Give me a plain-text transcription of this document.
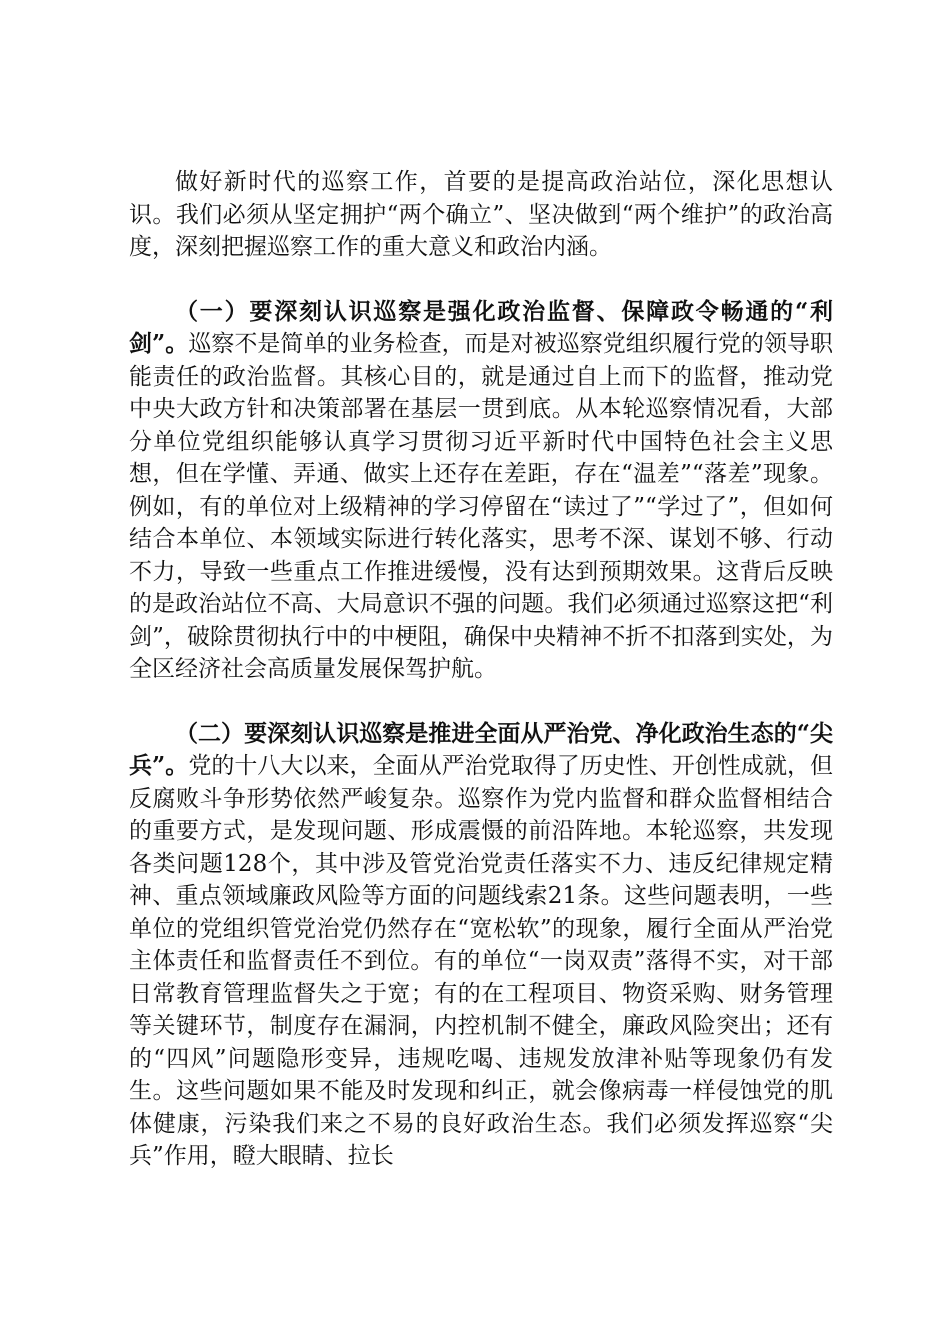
做好新时代的巡察工作，首要的是提高政治站位，深化思想认识。我们必须从坚定拥护“两个确立”、坚决做到“两个维护”的政治高度，深刻把握巡察工作的重大意义和政治内涵。

（一）要深刻认识巡察是强化政治监督、保障政令畅通的“利剑”。巡察不是简单的业务检查，而是对被巡察党组织履行党的领导职能责任的政治监督。其核心目的，就是通过自上而下的监督，推动党中央大政方针和决策部署在基层一贯到底。从本轮巡察情况看，大部分单位党组织能够认真学习贯彻习近平新时代中国特色社会主义思想，但在学懂、弄通、做实上还存在差距，存在“温差”“落差”现象。例如，有的单位对上级精神的学习停留在“读过了”“学过了”，但如何结合本单位、本领域实际进行转化落实，思考不深、谋划不够、行动不力，导致一些重点工作推进缓慢，没有达到预期效果。这背后反映的是政治站位不高、大局意识不强的问题。我们必须通过巡察这把“利剑”，破除贯彻执行中的中梗阻，确保中央精神不折不扣落到实处，为全区经济社会高质量发展保驾护航。

（二）要深刻认识巡察是推进全面从严治党、净化政治生态的“尖兵”。党的十八大以来，全面从严治党取得了历史性、开创性成就，但反腐败斗争形势依然严峻复杂。巡察作为党内监督和群众监督相结合的重要方式，是发现问题、形成震慑的前沿阵地。本轮巡察，共发现各类问题128个，其中涉及管党治党责任落实不力、违反纪律规定精神、重点领域廉政风险等方面的问题线索21条。这些问题表明，一些单位的党组织管党治党仍然存在“宽松软”的现象，履行全面从严治党主体责任和监督责任不到位。有的单位“一岗双责”落得不实，对干部日常教育管理监督失之于宽；有的在工程项目、物资采购、财务管理等关键环节，制度存在漏洞，内控机制不健全，廉政风险突出；还有的“四风”问题隐形变异，违规吃喝、违规发放津补贴等现象仍有发生。这些问题如果不能及时发现和纠正，就会像病毒一样侵蚀党的肌体健康，污染我们来之不易的良好政治生态。我们必须发挥巡察“尖兵”作用，瞪大眼睛、拉长
